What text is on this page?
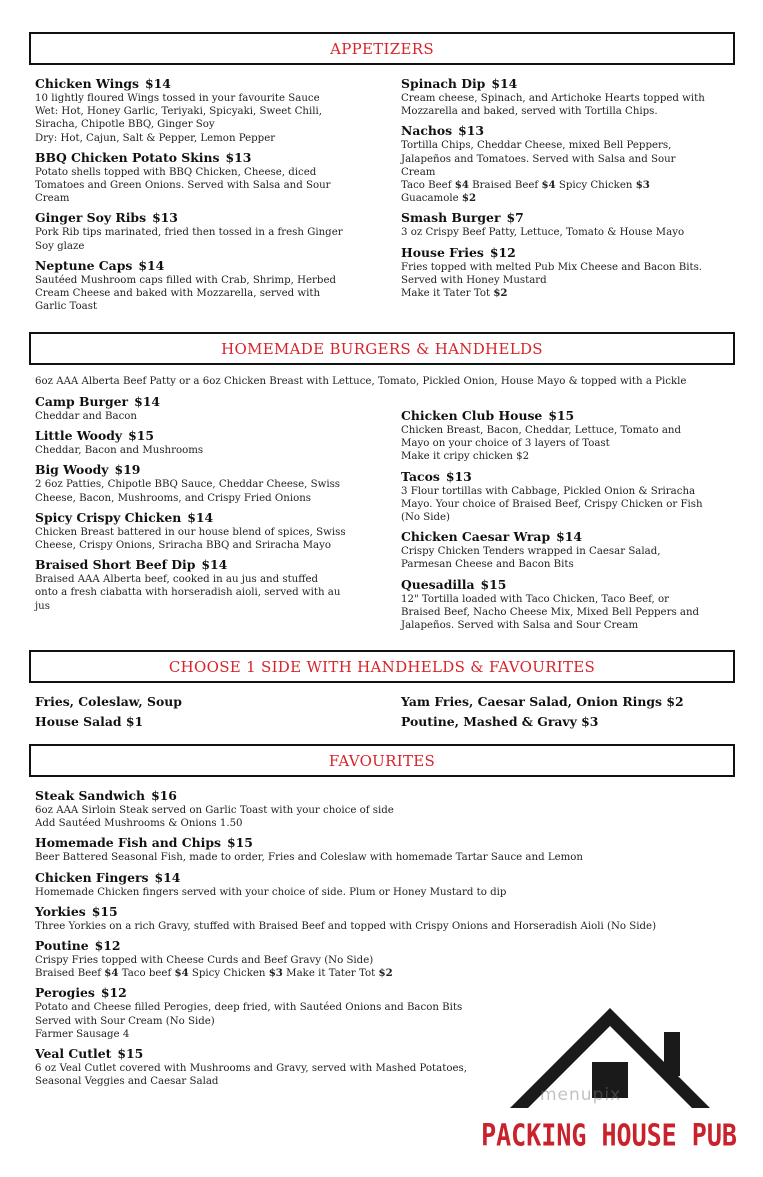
APPETIZERS
Chicken Wings $14
10 lightly floured Wings tossed in your favourite Sauce
Wet: Hot, Honey Garlic, Teriyaki, Spicyaki, Sweet Chili,
Siracha, Chipotle BBQ, Ginger Soy
Dry: Hot, Cajun, Salt & Pepper, Lemon Pepper
BBQ Chicken Potato Skins $13
Potato shells topped with BBQ Chicken, Cheese, diced
Tomatoes and Green Onions. Served with Salsa and Sour
Cream
Ginger Soy Ribs $13
Pork Rib tips marinated, fried then tossed in a fresh Ginger
Soy glaze
Neptune Caps $14
Sautéed Mushroom caps filled with Crab, Shrimp, Herbed
Cream Cheese and baked with Mozzarella, served with
Garlic Toast
Spinach Dip $14
Cream cheese, Spinach, and Artichoke Hearts topped with
Mozzarella and baked, served with Tortilla Chips.
Nachos $13
Tortilla Chips, Cheddar Cheese, mixed Bell Peppers,
Jalapeños and Tomatoes. Served with Salsa and Sour
Cream
Taco Beef $4 Braised Beef $4 Spicy Chicken $3
Guacamole $2
Smash Burger $7
3 oz Crispy Beef Patty, Lettuce, Tomato & House Mayo
House Fries $12
Fries topped with melted Pub Mix Cheese and Bacon Bits.
Served with Honey Mustard
Make it Tater Tot $2
HOMEMADE BURGERS & HANDHELDS
6oz AAA Alberta Beef Patty or a 6oz Chicken Breast with Lettuce, Tomato, Pickled Onion, House Mayo & topped with a Pickle
Camp Burger $14
Cheddar and Bacon
Little Woody $15
Cheddar, Bacon and Mushrooms
Big Woody $19
2 6oz Patties, Chipotle BBQ Sauce, Cheddar Cheese, Swiss
Cheese, Bacon, Mushrooms, and Crispy Fried Onions
Spicy Crispy Chicken $14
Chicken Breast battered in our house blend of spices, Swiss
Cheese, Crispy Onions, Sriracha BBQ and Sriracha Mayo
Braised Short Beef Dip $14
Braised AAA Alberta beef, cooked in au jus and stuffed
onto a fresh ciabatta with horseradish aioli, served with au
jus
Chicken Club House $15
Chicken Breast, Bacon, Cheddar, Lettuce, Tomato and
Mayo on your choice of 3 layers of Toast
Make it cripy chicken $2
Tacos $13
3 Flour tortillas with Cabbage, Pickled Onion & Sriracha
Mayo. Your choice of Braised Beef, Crispy Chicken or Fish
(No Side)
Chicken Caesar Wrap $14
Crispy Chicken Tenders wrapped in Caesar Salad,
Parmesan Cheese and Bacon Bits
Quesadilla $15
12" Tortilla loaded with Taco Chicken, Taco Beef, or
Braised Beef, Nacho Cheese Mix, Mixed Bell Peppers and
Jalapeños. Served with Salsa and Sour Cream
CHOOSE 1 SIDE WITH HANDHELDS & FAVOURITES
Fries, Coleslaw, Soup
House Salad $1
Yam Fries, Caesar Salad, Onion Rings $2
Poutine, Mashed & Gravy $3
FAVOURITES
Steak Sandwich $16
6oz AAA Sirloin Steak served on Garlic Toast with your choice of side
Add Sautéed Mushrooms & Onions 1.50
Homemade Fish and Chips $15
Beer Battered Seasonal Fish, made to order, Fries and Coleslaw with homemade Tartar Sauce and Lemon
Chicken Fingers $14
Homemade Chicken fingers served with your choice of side. Plum or Honey Mustard to dip
Yorkies $15
Three Yorkies on a rich Gravy, stuffed with Braised Beef and topped with Crispy Onions and Horseradish Aioli (No Side)
Poutine $12
Crispy Fries topped with Cheese Curds and Beef Gravy (No Side)
Braised Beef $4 Taco beef $4 Spicy Chicken $3 Make it Tater Tot $2
Perogies $12
Potato and Cheese filled Perogies, deep fried, with Sautéed Onions and Bacon Bits
Served with Sour Cream (No Side)
Farmer Sausage 4
Veal Cutlet $15
6 oz Veal Cutlet covered with Mushrooms and Gravy, served with Mashed Potatoes,
Seasonal Veggies and Caesar Salad
menupix
PACKING HOUSE PUB
